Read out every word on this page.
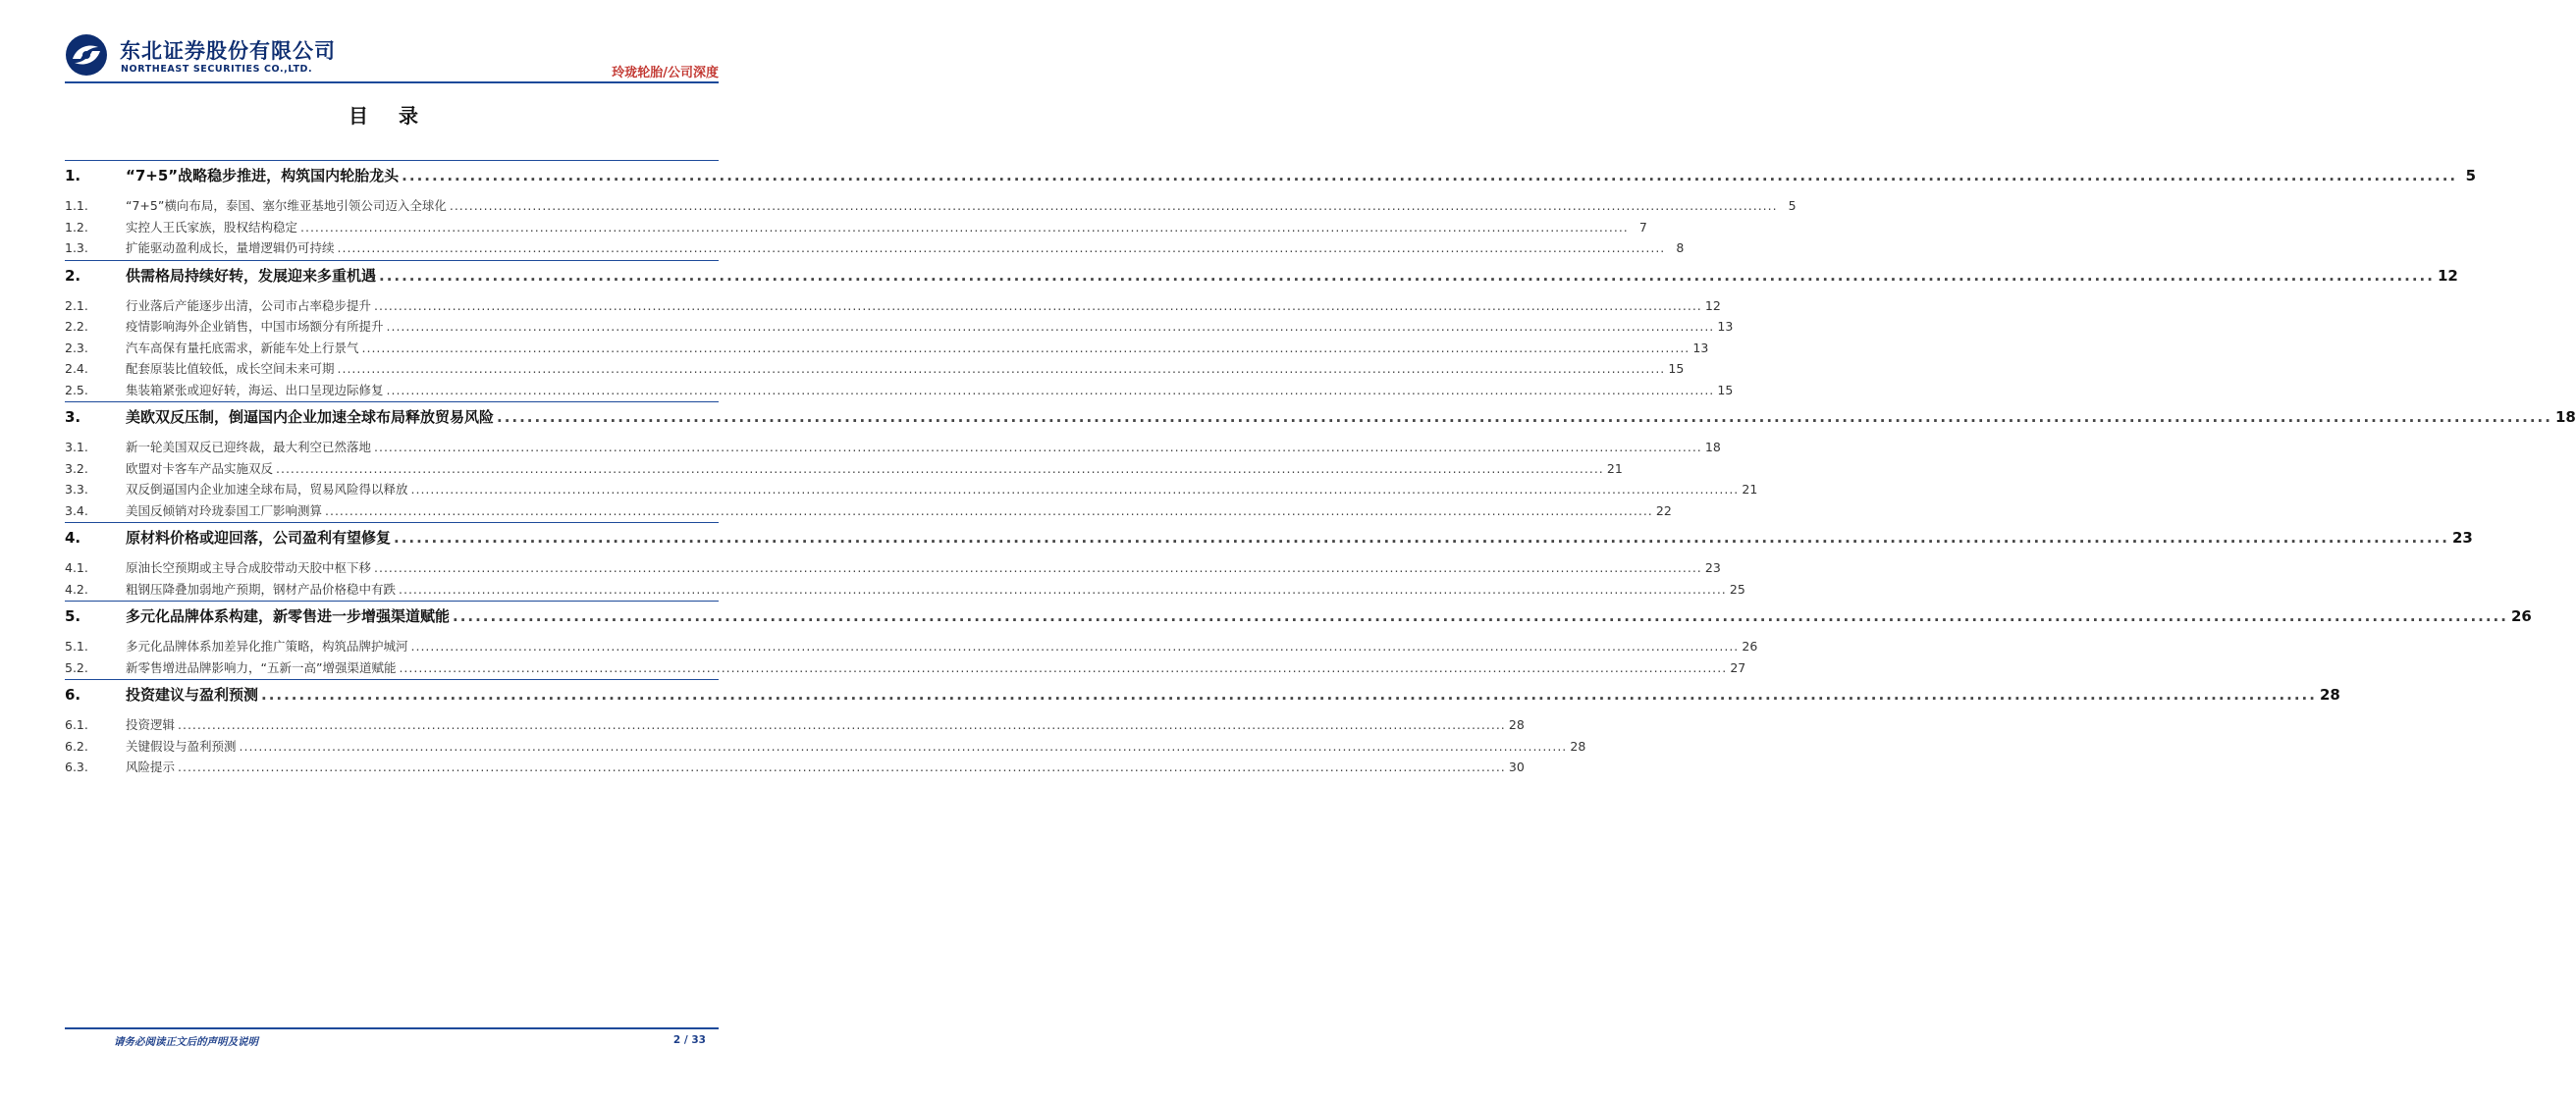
东北证券股份有限公司
NORTHEAST SECURITIES CO.,LTD.	玲珑轮胎/公司深度
目 录
1.	“7+5”战略稳步推进，构筑国内轮胎龙头 .....	5
1.1.	“7+5”横向布局，泰国、塞尔维亚基地引领公司迈入全球化 .....	5
1.2.	实控人王氏家族，股权结构稳定 .....	7
1.3.	扩能驱动盈利成长，量增逻辑仍可持续 .....	8
2.	供需格局持续好转，发展迎来多重机遇 .....	12
2.1.	行业落后产能逐步出清，公司市占率稳步提升 .....	12
2.2.	疫情影响海外企业销售，中国市场额分有所提升 .....	13
2.3.	汽车高保有量托底需求，新能车处上行景气 .....	13
2.4.	配套原装比值较低，成长空间未来可期 .....	15
2.5.	集装箱紧张或迎好转，海运、出口呈现边际修复 .....	15
3.	美欧双反压制，倒逼国内企业加速全球布局释放贸易风险 .....	18
3.1.	新一轮美国双反已迎终裁，最大利空已然落地 .....	18
3.2.	欧盟对卡客车产品实施双反 .....	21
3.3.	双反倒逼国内企业加速全球布局，贸易风险得以释放 .....	21
3.4.	美国反倾销对玲珑泰国工厂影响测算 .....	22
4.	原材料价格或迎回落，公司盈利有望修复 .....	23
4.1.	原油长空预期或主导合成胶带动天胶中枢下移 .....	23
4.2.	粗钢压降叠加弱地产预期，钢材产品价格稳中有跌 .....	25
5.	多元化品牌体系构建，新零售进一步增强渠道赋能 .....	26
5.1.	多元化品牌体系加差异化推广策略，构筑品牌护城河 .....	26
5.2.	新零售增进品牌影响力，“五新一高”增强渠道赋能 .....	27
6.	投资建议与盈利预测 .....	28
6.1.	投资逻辑 .....	28
6.2.	关键假设与盈利预测 .....	28
6.3.	风险提示 .....	30
请务必阅读正文后的声明及说明	2 / 33
